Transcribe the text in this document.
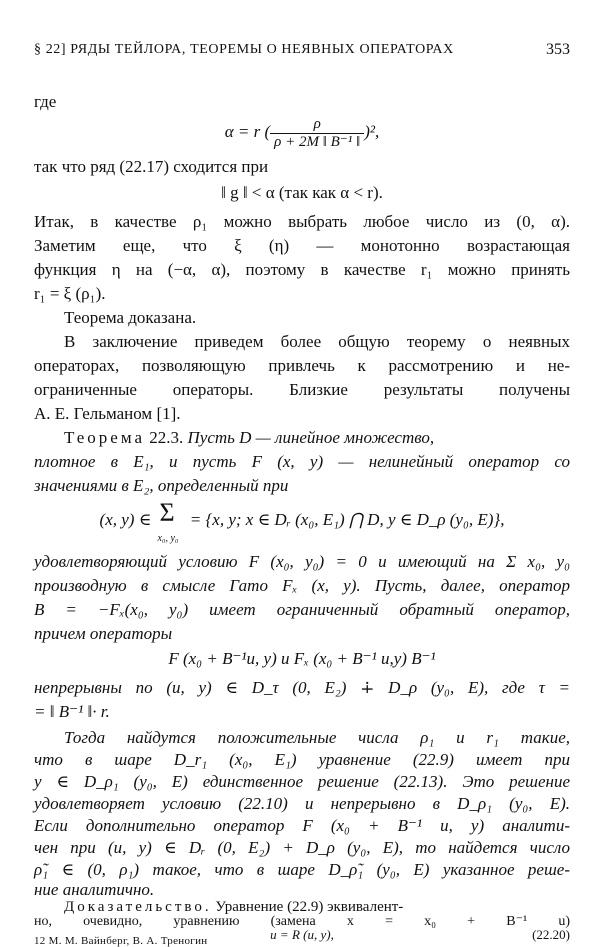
§ 22] РЯДЫ ТЕЙЛОРА, ТЕОРЕМЫ О НЕЯВНЫХ ОПЕРАТОРАХ	353
где
α = r ( $\frac{\rho}{\text{ρ + 2M ‖ B⁻¹ ‖}} )^2$,
так что ряд (22.17) сходится при
‖ g ‖ < α (так как α < r).
Итак, в качестве ρ₁ можно выбрать любое число из (0, α).
Заметим еще, что ξ (η) — монотонно возрастающая
функция η на (−α, α), поэтому в качестве r₁ можно принять
r₁ = ξ (ρ₁).
Теорема доказана.
В заключение приведем более общую теорему о неявных
операторах, позволяющую привлечь к рассмотрению и не-
ограниченные операторы. Близкие результаты получены
А. Е. Гельманом [1].
Теорема 22.3. Пусть D — линейное множество,
плотное в E₁, и пусть F (x, y) — нелинейный оператор со
значениями в E₂, определенный при
(x, y) ∈ Σ
x₀, y₀
= {x, y; x ∈ Dᵣ (x₀, E₁) ⋂ D, y ∈ D_ρ (y₀, E)},
удовлетворяющий условию F (x₀, y₀) = 0 и имеющий на Σ x₀, y₀
производную в смысле Гато Fₓ (x, y). Пусть, далее, оператор
B = −Fₓ(x₀, y₀) имеет ограниченный обратный оператор,
причем операторы
F (x₀ + B⁻¹u, y) и Fₓ (x₀ + B⁻¹ u,y) B⁻¹
непрерывны по (u, y) ∈ D_τ (0, E₂) ∔ D_ρ (y₀, E), где τ =
= ‖ B⁻¹ ‖· r.
Тогда найдутся положительные числа ρ₁ и r₁ такие,
что в шаре D_r₁ (x₀, E₁) уравнение (22.9) имеет при
y ∈ D_ρ₁ (y₀, E) единственное решение (22.13). Это решение
удовлетворяет условию (22.10) и непрерывно в D_ρ₁ (y₀, E).
Если дополнительно оператор F (x₀ + B⁻¹ u, y) аналити-
чен при (u, y) ∈ Dᵣ (0, E₂) + D_ρ (y₀, E), то найдется число
ρ̃₁ ∈ (0, ρ₁) такое, что в шаре D_ρ̃₁ (y₀, E) указанное реше-
ние аналитично.
Доказательство. Уравнение (22.9) эквивалент-
но, очевидно, уравнению (замена x = x₀ + B⁻¹ u)
u = R (u, y),	(22.20)
12 М. М. Вайнберг, В. А. Треногин
